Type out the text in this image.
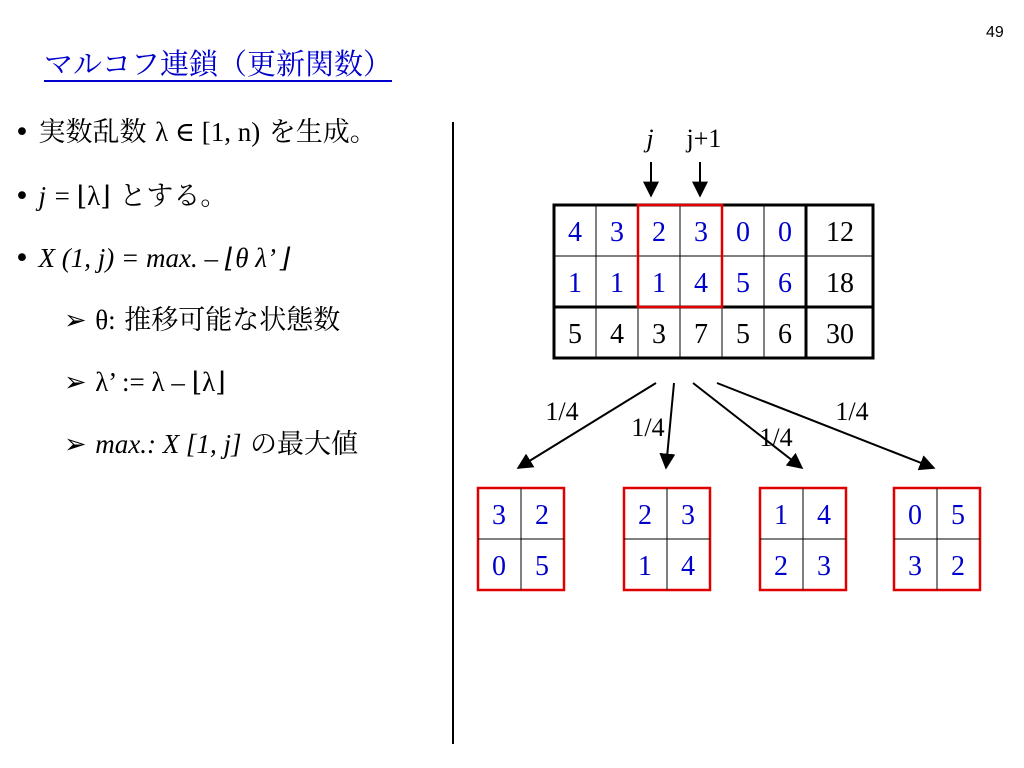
49
マルコフ連鎖（更新関数）
• 実数乱数 λ ∈ [1, n) を生成。
• j = ⌊λ⌋ とする。
• X (1, j) = max. – ⌊θ λ’ ⌋
➢ θ: 推移可能な状態数
➢ λ’ := λ – ⌊λ⌋
➢ max.: X [1, j] の最大値
j j+1
1/4
1/4	1/4
1/4
4 3 2 3 0 0 12
1 1 1 4 5 6 18
5 4 3 7 5 6 30
3 2
0 5
2 3
1 4
1 4
2 3
0 5
3 2
